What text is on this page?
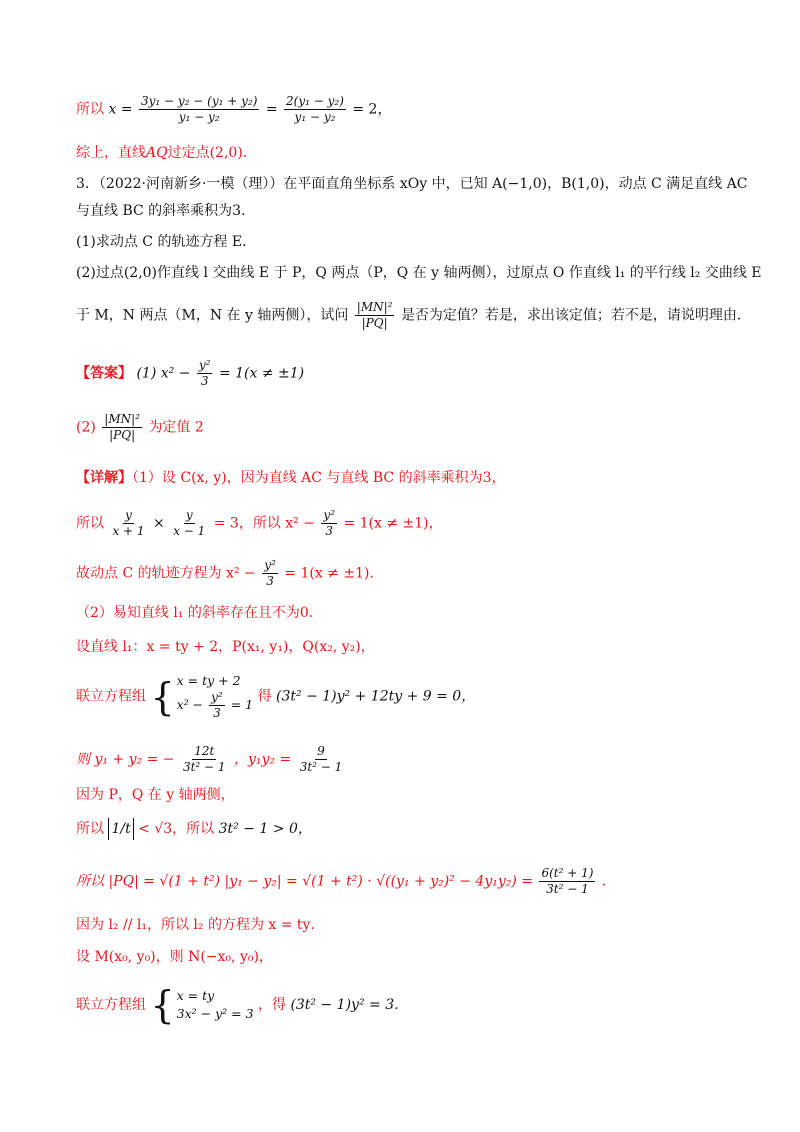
所以 $x = \frac{\text{3y₁ − y₂ − (y₁ + y₂)}}{\text{y₁ − y₂}} = \frac{\text{2(y₁ − y₂)}}{\text{y₁ − y₂}} = 2$，
综上，直线AQ过定点(2,0)．
3．（2022·河南新乡·一模（理））在平面直角坐标系 xOy 中，已知 A(−1,0)，B(1,0)，动点 C 满足直线 AC
与直线 BC 的斜率乘积为3．
(1)求动点 C 的轨迹方程 E．
(2)过点(2,0)作直线 l 交曲线 E 于 P，Q 两点（P，Q 在 y 轴两侧），过原点 O 作直线 l₁ 的平行线 l₂ 交曲线 E
于 M，N 两点（M，N 在 y 轴两侧），试问 $\frac{\text{|MN|²}}{|PQ|}$ 是否为定值？若是，求出该定值；若不是，请说明理由．
【答案】 (1) $x^2 - \frac{\text{y²}}{3} = 1(x \ne \pm 1)$
$(2) \frac{\text{|MN|²}}{|PQ|}$ 为定值 2
【详解】（1）设 C(x, y)，因为直线 AC 与直线 BC 的斜率乘积为3，
所以 $\frac{y}{x + 1} \times \frac{y}{x - 1} = 3$，所以 $x^2 - \frac{\text{y²}}{3} = 1(x \ne \pm 1)$，
故动点 C 的轨迹方程为 $x^2 - \frac{\text{y²}}{3} = 1(x \ne \pm 1)$．
（2）易知直线 l₁ 的斜率存在且不为0．
设直线 l₁：x = ty + 2，P(x₁, y₁)，Q(x₂, y₂)，
联立方程组 { x = ty + 2
$x^2 - \frac{\text{y²}}{3} = 1$ 得 (3t² − 1)y² + 12ty + 9 = 0，
则 y₁ + y₂ = − $\frac{12t}{\text{3t² − 1}}$ ，$y_1y_2 = \frac{9}{\text{3t² − 1}}$
因为 P，Q 在 y 轴两侧，
所以 1/t < √3，所以 3t² − 1 > 0，
所以 |PQ| = √(1 + t²) $|y_1 - y_2| = √(1 + t^2) \cdot √((y_1 + y_2)^2 - 4y_1y_2) = \frac{\text{6(t² + 1)}}{\text{3t² − 1}}$ ．
因为 l₂ // l₁，所以 l₂ 的方程为 x = ty．
设 M(x₀, y₀)，则 N(−x₀, y₀)，
联立方程组 { x = ty
3x² − y² = 3
，得 (3t² − 1)y² = 3．
